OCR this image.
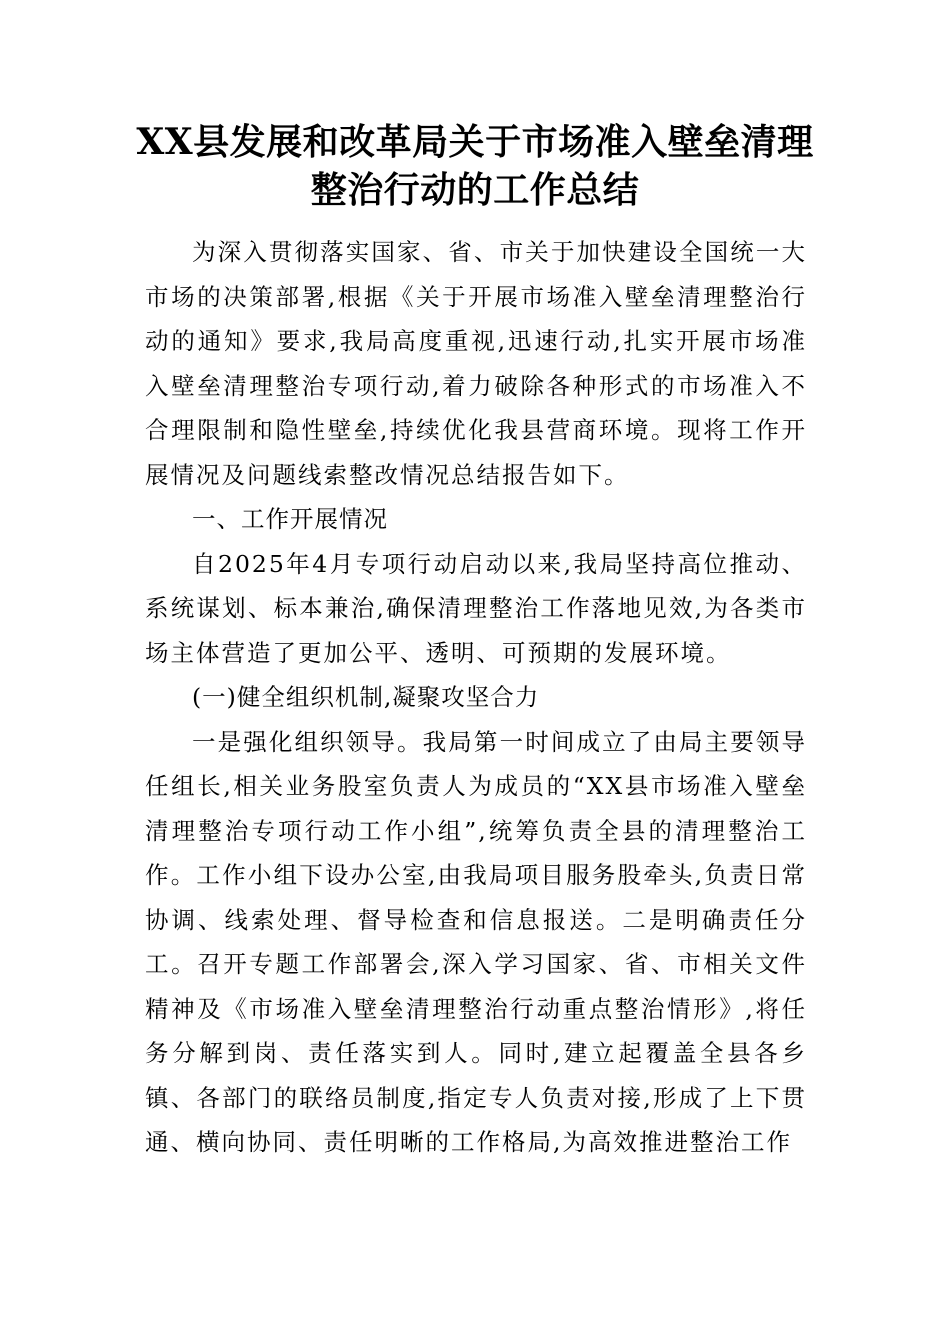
XX县发展和改革局关于市场准入壁垒清理
整治行动的工作总结

为深入贯彻落实国家、省、市关于加快建设全国统一大市场的决策部署,根据《关于开展市场准入壁垒清理整治行动的通知》要求,我局高度重视,迅速行动,扎实开展市场准入壁垒清理整治专项行动,着力破除各种形式的市场准入不合理限制和隐性壁垒,持续优化我县营商环境。现将工作开展情况及问题线索整改情况总结报告如下。

一、工作开展情况

自2025年4月专项行动启动以来,我局坚持高位推动、系统谋划、标本兼治,确保清理整治工作落地见效,为各类市场主体营造了更加公平、透明、可预期的发展环境。

(一)健全组织机制,凝聚攻坚合力

一是强化组织领导。我局第一时间成立了由局主要领导任组长,相关业务股室负责人为成员的“XX县市场准入壁垒清理整治专项行动工作小组”,统筹负责全县的清理整治工作。工作小组下设办公室,由我局项目服务股牵头,负责日常协调、线索处理、督导检查和信息报送。二是明确责任分工。召开专题工作部署会,深入学习国家、省、市相关文件精神及《市场准入壁垒清理整治行动重点整治情形》,将任务分解到岗、责任落实到人。同时,建立起覆盖全县各乡镇、各部门的联络员制度,指定专人负责对接,形成了上下贯通、横向协同、责任明晰的工作格局,为高效推进整治工作
